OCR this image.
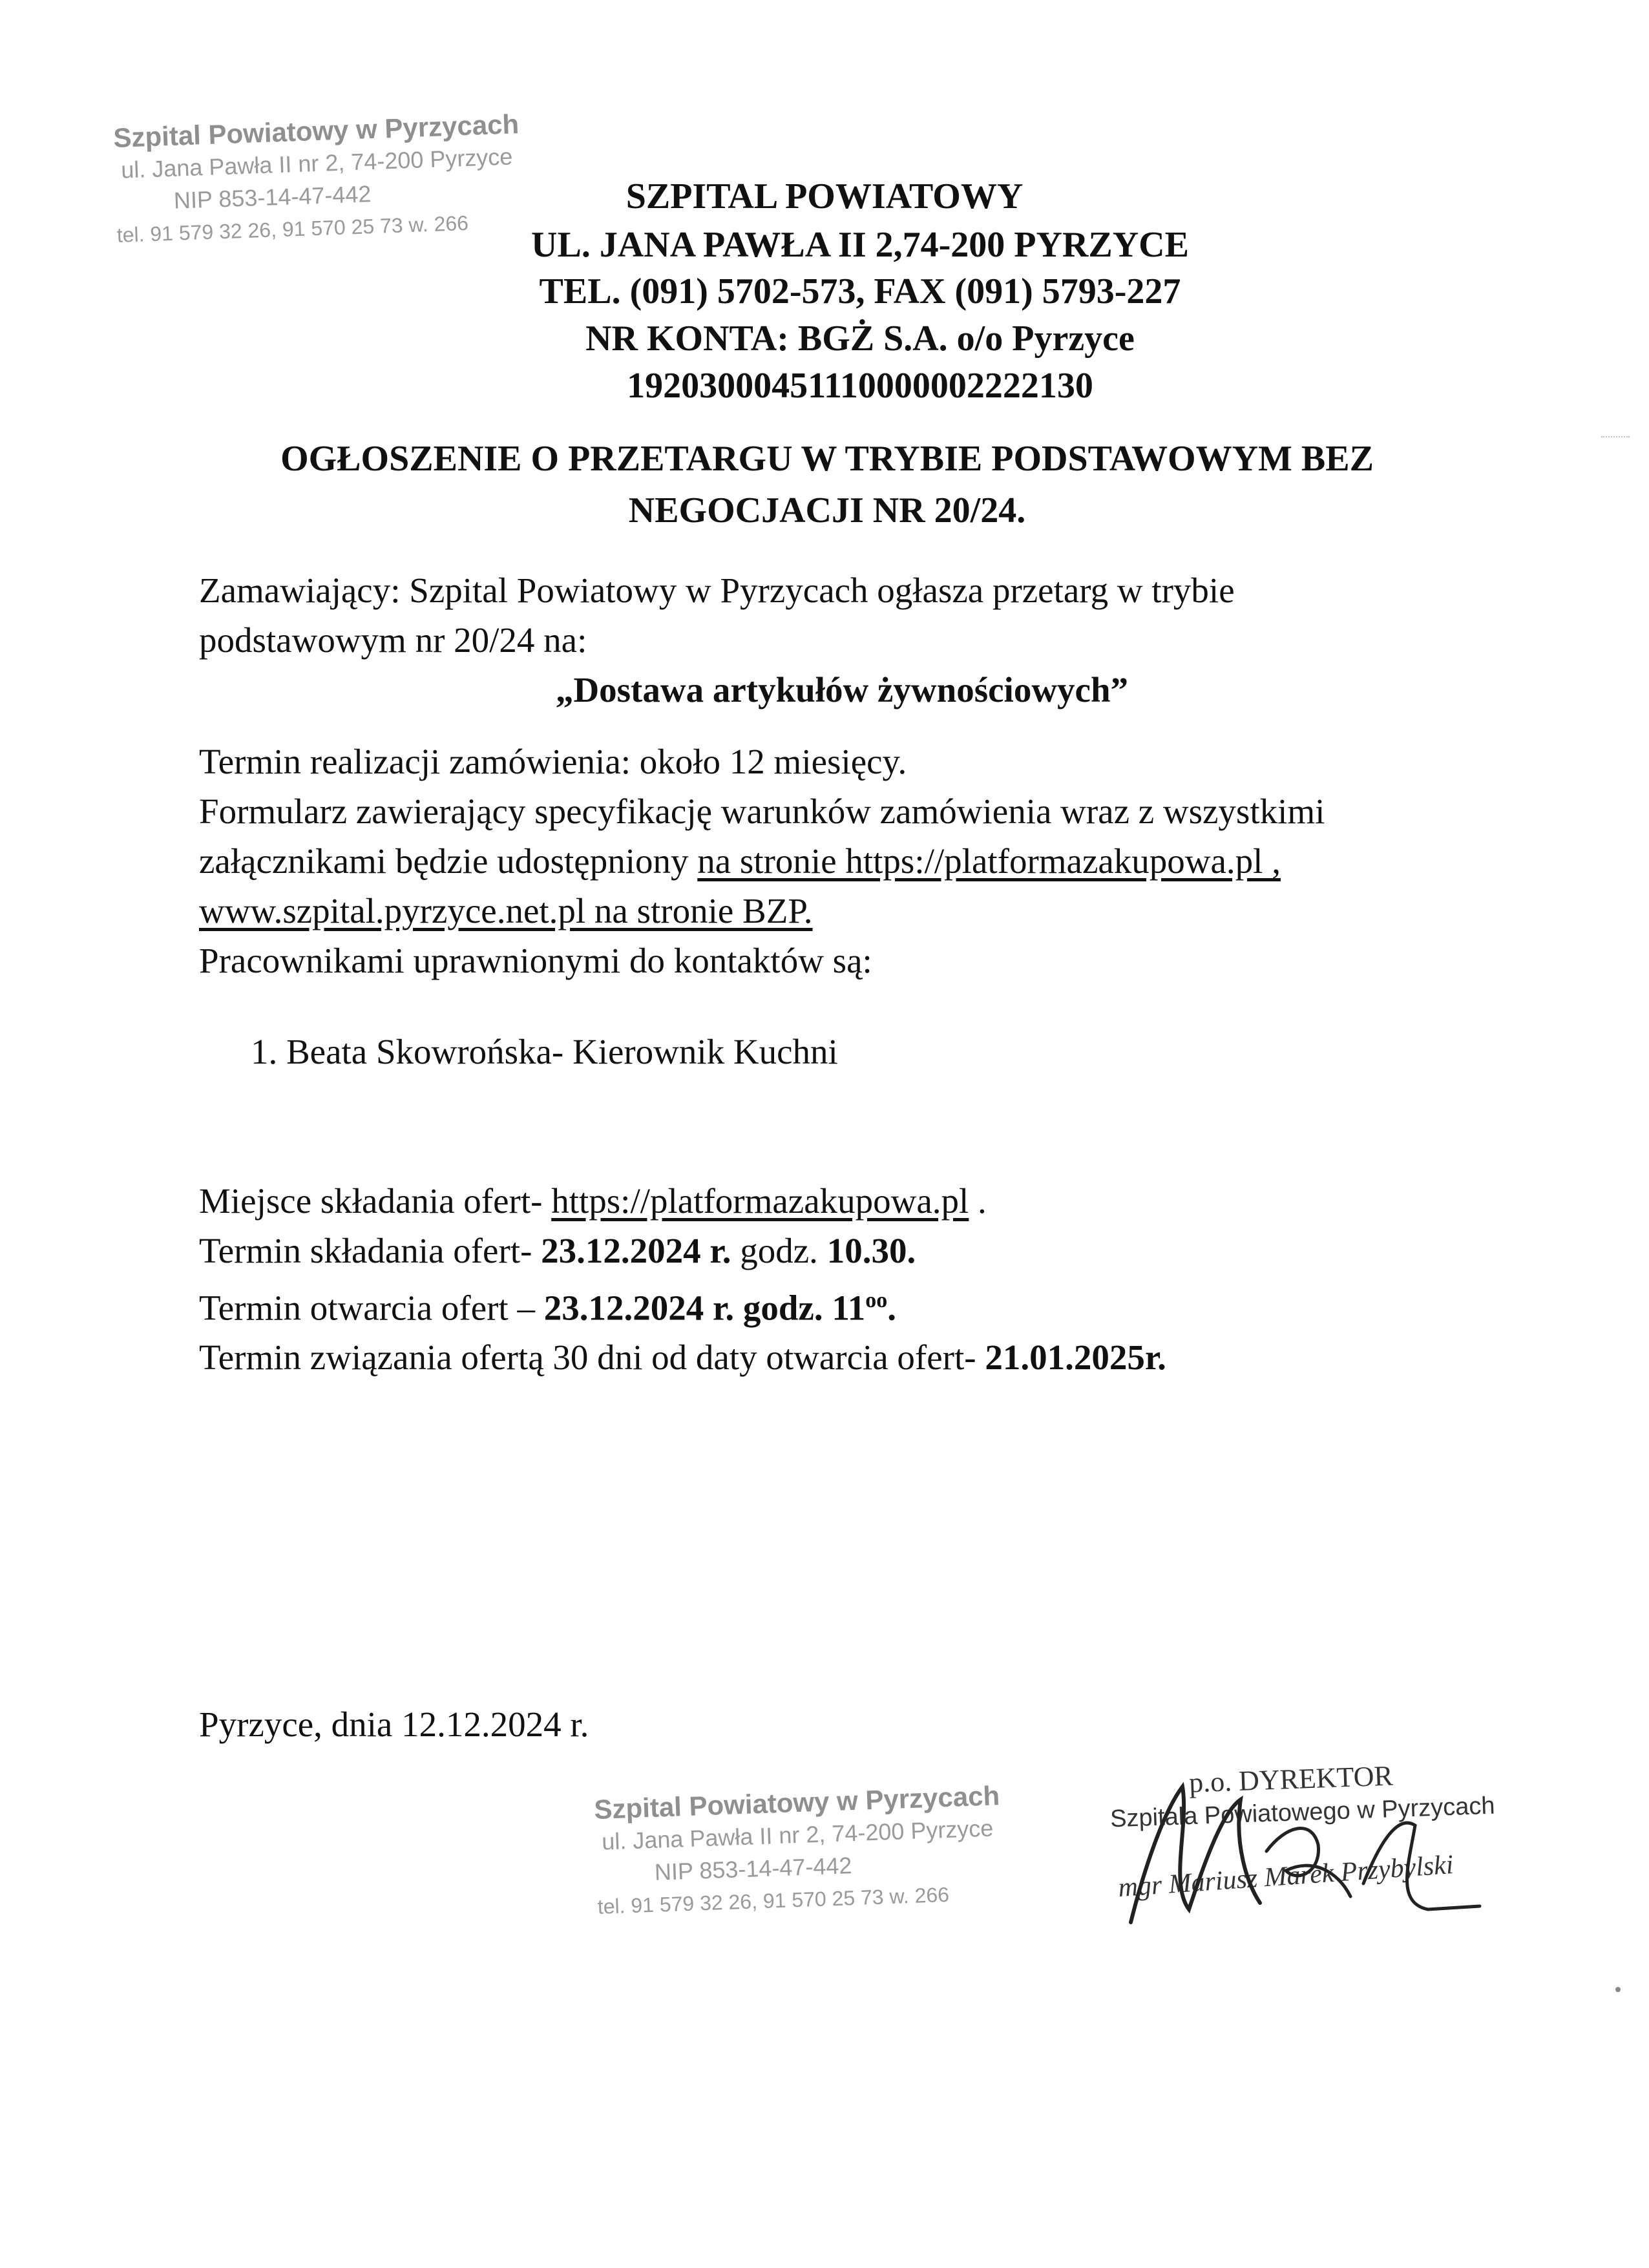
Szpital Powiatowy w Pyrzycach
ul. Jana Pawła II nr 2, 74-200 Pyrzyce
NIP 853-14-47-442
tel. 91 579 32 26, 91 570 25 73 w. 266
SZPITAL POWIATOWY
UL. JANA PAWŁA II 2,74-200 PYRZYCE
TEL. (091) 5702-573, FAX (091) 5793-227
NR KONTA: BGŻ S.A. o/o Pyrzyce
19203000451110000002222130
OGŁOSZENIE O PRZETARGU W TRYBIE PODSTAWOWYM BEZ
NEGOCJACJI NR 20/24.
Zamawiający: Szpital Powiatowy w Pyrzycach ogłasza przetarg w trybie
podstawowym nr 20/24 na:
„Dostawa artykułów żywnościowych”
Termin realizacji zamówienia: około 12 miesięcy.
Formularz zawierający specyfikację warunków zamówienia wraz z wszystkimi
załącznikami będzie udostępniony na stronie https://platformazakupowa.pl ,
www.szpital.pyrzyce.net.pl na stronie BZP.
Pracownikami uprawnionymi do kontaktów są:
1. Beata Skowrońska- Kierownik Kuchni
Miejsce składania ofert- https://platformazakupowa.pl .
Termin składania ofert- 23.12.2024 r. godz. 10.30.
Termin otwarcia ofert – 23.12.2024 r. godz. $11^{oo}$.
Termin związania ofertą 30 dni od daty otwarcia ofert- 21.01.2025r.
Pyrzyce, dnia 12.12.2024 r.
Szpital Powiatowy w Pyrzycach
ul. Jana Pawła II nr 2, 74-200 Pyrzyce
NIP 853-14-47-442
tel. 91 579 32 26, 91 570 25 73 w. 266
p.o. DYREKTOR
Szpitala Powiatowego w Pyrzycach
mgr Mariusz Marek Przybylski
